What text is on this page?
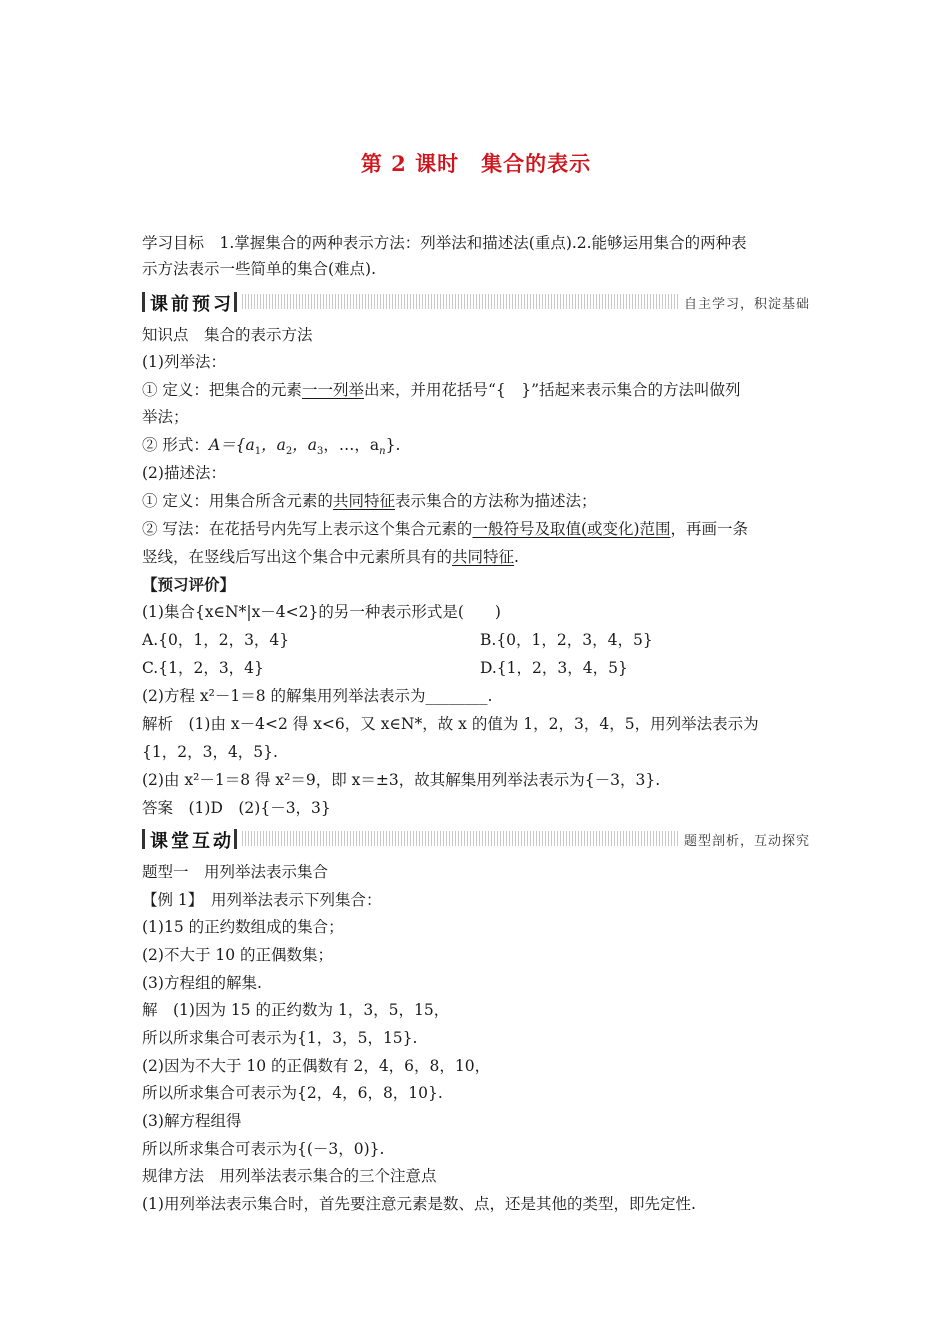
第 2 课时　集合的表示
学习目标　1.掌握集合的两种表示方法：列举法和描述法(重点).2.能够运用集合的两种表
示方法表示一些简单的集合(难点).
课前预习	自主学习，积淀基础
知识点　集合的表示方法
(1)列举法：
① 定义：把集合的元素一一列举出来，并用花括号“{　}”括起来表示集合的方法叫做列
举法；
② 形式：$A=\{a_1$，$a_2$，$a_3$，…，$a_n$}.
(2)描述法：
① 定义：用集合所含元素的共同特征表示集合的方法称为描述法；
② 写法：在花括号内先写上表示这个集合元素的一般符号及取值(或变化)范围，再画一条
竖线，在竖线后写出这个集合中元素所具有的共同特征.
【预习评价】
(1)集合{x∈N*|x－4<2}的另一种表示形式是(　　)
A.{0，1，2，3，4}	B.{0，1，2，3，4，5}
C.{1，2，3，4}	D.{1，2，3，4，5}
(2)方程 x²－1＝8 的解集用列举法表示为________.
解析　(1)由 x－4<2 得 x<6，又 x∈N*，故 x 的值为 1，2，3，4，5，用列举法表示为
{1，2，3，4，5}.
(2)由 x²－1＝8 得 x²＝9，即 x＝±3，故其解集用列举法表示为{－3，3}.
答案　(1)D　(2){－3，3}
课堂互动	题型剖析，互动探究
题型一　用列举法表示集合
【例 1】　用列举法表示下列集合：
(1)15 的正约数组成的集合；
(2)不大于 10 的正偶数集；
(3)方程组的解集.
解　(1)因为 15 的正约数为 1，3，5，15，
所以所求集合可表示为{1，3，5，15}.
(2)因为不大于 10 的正偶数有 2，4，6，8，10，
所以所求集合可表示为{2，4，6，8，10}.
(3)解方程组得
所以所求集合可表示为{(－3，0)}.
规律方法　用列举法表示集合的三个注意点
(1)用列举法表示集合时，首先要注意元素是数、点，还是其他的类型，即先定性.
